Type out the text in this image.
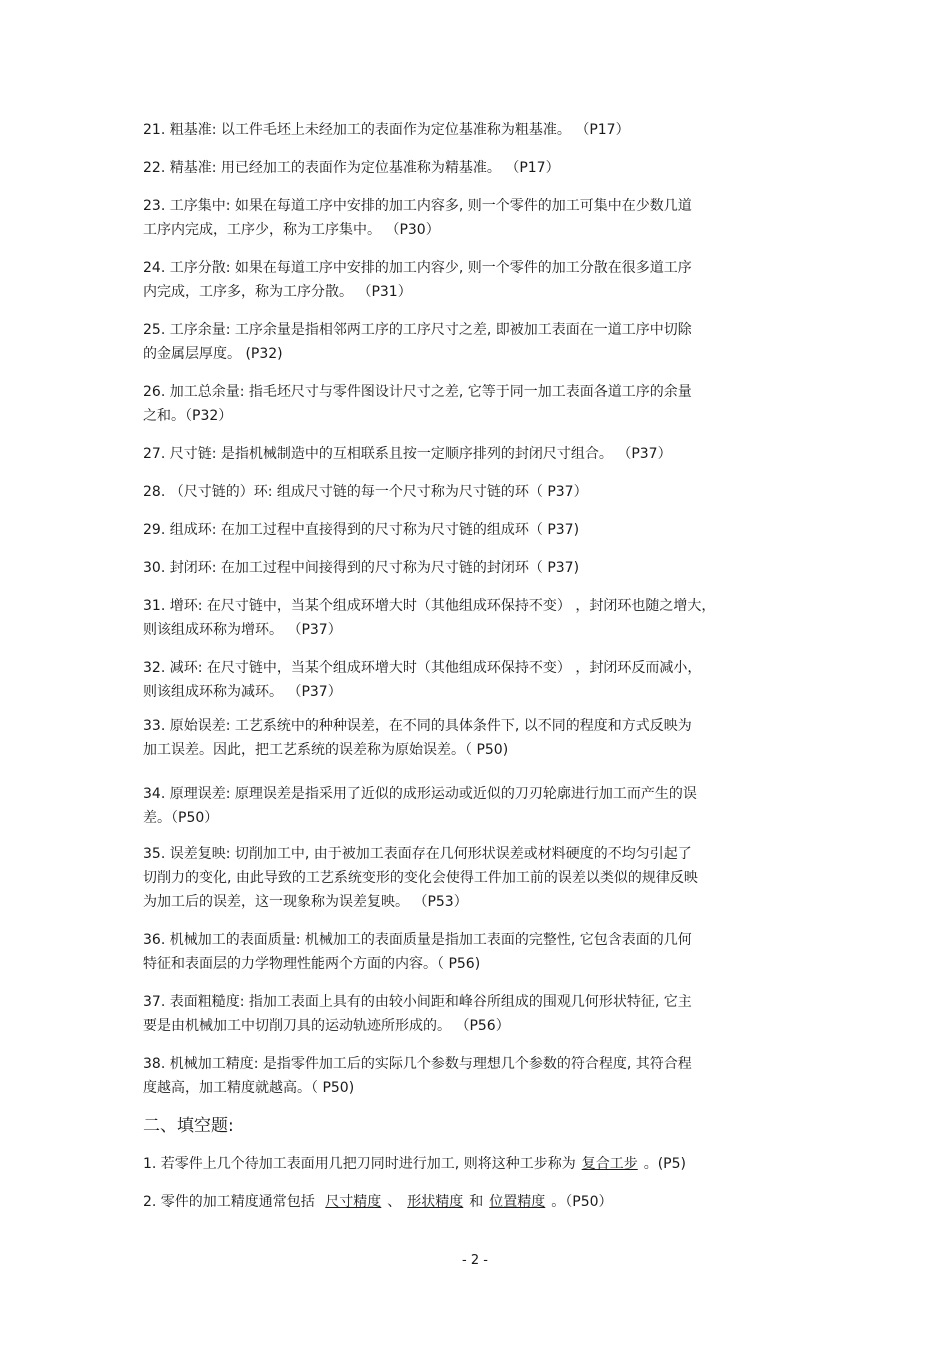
21. 粗基准: 以工件毛坯上未经加工的表面作为定位基准称为粗基准。 （P17）
22. 精基准: 用已经加工的表面作为定位基准称为精基准。 （P17）
23. 工序集中: 如果在每道工序中安排的加工内容多, 则一个零件的加工可集中在少数几道
工序内完成，工序少，称为工序集中。 （P30）
24. 工序分散: 如果在每道工序中安排的加工内容少, 则一个零件的加工分散在很多道工序
内完成，工序多，称为工序分散。 （P31）
25. 工序余量: 工序余量是指相邻两工序的工序尺寸之差, 即被加工表面在一道工序中切除
的金属层厚度。 (P32)
26. 加工总余量: 指毛坯尺寸与零件图设计尺寸之差, 它等于同一加工表面各道工序的余量
之和。（P32）
27. 尺寸链: 是指机械制造中的互相联系且按一定顺序排列的封闭尺寸组合。 （P37）
28. （尺寸链的）环: 组成尺寸链的每一个尺寸称为尺寸链的环（ P37）
29. 组成环: 在加工过程中直接得到的尺寸称为尺寸链的组成环（ P37)
30. 封闭环: 在加工过程中间接得到的尺寸称为尺寸链的封闭环（ P37)
31. 增环: 在尺寸链中，当某个组成环增大时（其他组成环保持不变） ，封闭环也随之增大，
则该组成环称为增环。 （P37）
32. 减环: 在尺寸链中，当某个组成环增大时（其他组成环保持不变） ，封闭环反而减小，
则该组成环称为减环。 （P37）
33. 原始误差: 工艺系统中的种种误差，在不同的具体条件下, 以不同的程度和方式反映为
加工误差。因此，把工艺系统的误差称为原始误差。（ P50)
34. 原理误差: 原理误差是指采用了近似的成形运动或近似的刀刃轮廓进行加工而产生的误
差。（P50）
35. 误差复映: 切削加工中, 由于被加工表面存在几何形状误差或材料硬度的不均匀引起了
切削力的变化, 由此导致的工艺系统变形的变化会使得工件加工前的误差以类似的规律反映
为加工后的误差，这一现象称为误差复映。 （P53）
36. 机械加工的表面质量: 机械加工的表面质量是指加工表面的完整性, 它包含表面的几何
特征和表面层的力学物理性能两个方面的内容。（ P56)
37. 表面粗糙度: 指加工表面上具有的由较小间距和峰谷所组成的围观几何形状特征, 它主
要是由机械加工中切削刀具的运动轨迹所形成的。 （P56）
38. 机械加工精度: 是指零件加工后的实际几个参数与理想几个参数的符合程度, 其符合程
度越高，加工精度就越高。（ P50)
二、填空题:
1. 若零件上几个待加工表面用几把刀同时进行加工, 则将这种工步称为 复合工步 。(P5)
2. 零件的加工精度通常包括 尺寸精度 、 形状精度 和 位置精度 。（P50）
- 2 -
